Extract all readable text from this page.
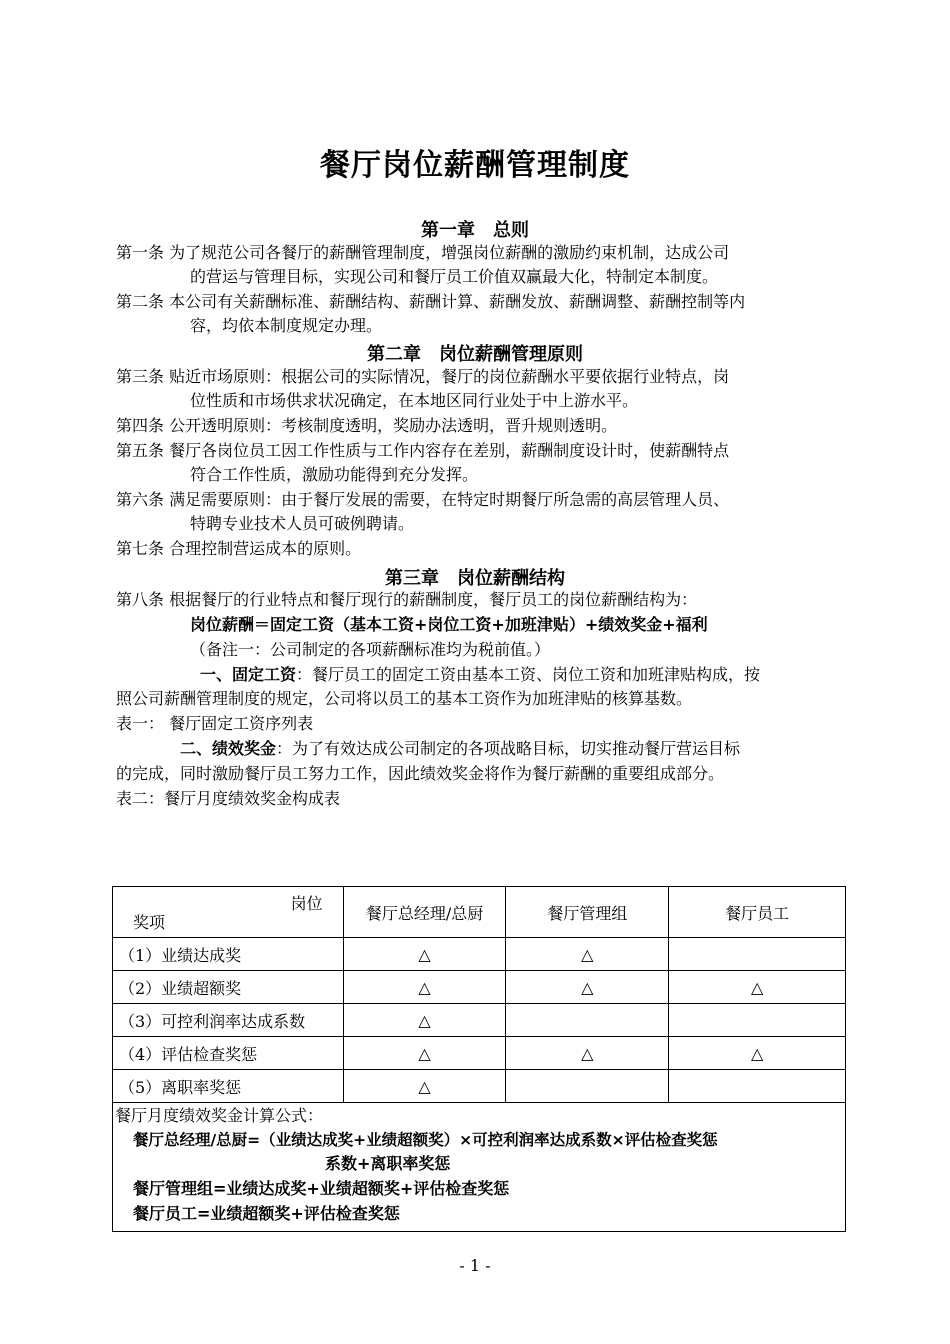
餐厅岗位薪酬管理制度
第一章　总则
第一条 为了规范公司各餐厅的薪酬管理制度，增强岗位薪酬的激励约束机制，达成公司
的营运与管理目标，实现公司和餐厅员工价值双赢最大化，特制定本制度。
第二条 本公司有关薪酬标准、薪酬结构、薪酬计算、薪酬发放、薪酬调整、薪酬控制等内
容，均依本制度规定办理。
第二章　岗位薪酬管理原则
第三条 贴近市场原则：根据公司的实际情况，餐厅的岗位薪酬水平要依据行业特点，岗
位性质和市场供求状况确定，在本地区同行业处于中上游水平。
第四条 公开透明原则：考核制度透明，奖励办法透明，晋升规则透明。
第五条 餐厅各岗位员工因工作性质与工作内容存在差别，薪酬制度设计时，使薪酬特点
符合工作性质，激励功能得到充分发挥。
第六条 满足需要原则：由于餐厅发展的需要，在特定时期餐厅所急需的高层管理人员、
特聘专业技术人员可破例聘请。
第七条 合理控制营运成本的原则。
第三章　岗位薪酬结构
第八条 根据餐厅的行业特点和餐厅现行的薪酬制度，餐厅员工的岗位薪酬结构为：
岗位薪酬＝固定工资（基本工资+岗位工资+加班津贴）+绩效奖金+福利
（备注一：公司制定的各项薪酬标准均为税前值。）
一、固定工资：餐厅员工的固定工资由基本工资、岗位工资和加班津贴构成，按
照公司薪酬管理制度的规定，公司将以员工的基本工资作为加班津贴的核算基数。
表一： 餐厅固定工资序列表
二、绩效奖金：为了有效达成公司制定的各项战略目标，切实推动餐厅营运目标
的完成，同时激励餐厅员工努力工作，因此绩效奖金将作为餐厅薪酬的重要组成部分。
表二：餐厅月度绩效奖金构成表
岗位
奖项	餐厅总经理/总厨	餐厅管理组	餐厅员工
（1）业绩达成奖	△	△	
（2）业绩超额奖	△	△	△
（3）可控利润率达成系数	△		
（4）评估检查奖惩	△	△	△
（5）离职率奖惩	△		

餐厅月度绩效奖金计算公式：
餐厅总经理/总厨=（业绩达成奖+业绩超额奖）×可控利润率达成系数×评估检查奖惩
系数+离职率奖惩
餐厅管理组=业绩达成奖+业绩超额奖+评估检查奖惩
餐厅员工=业绩超额奖+评估检查奖惩			
- 1 -
